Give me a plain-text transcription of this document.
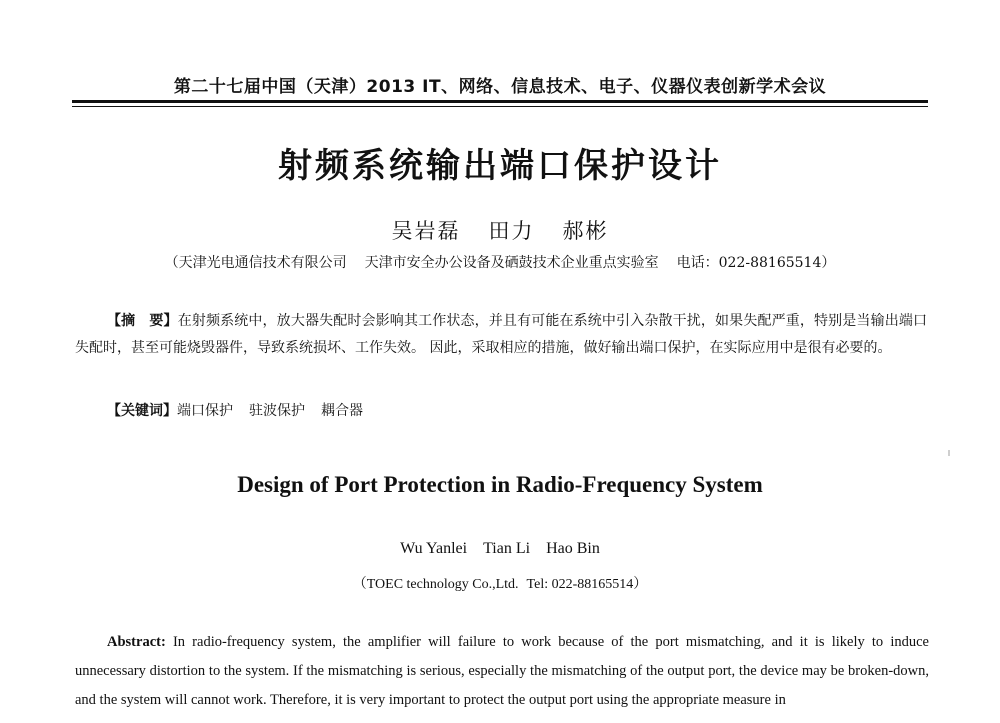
第二十七届中国（天津）2013 IT、网络、信息技术、电子、仪器仪表创新学术会议
射频系统输出端口保护设计
吴岩磊 田力 郝彬
（天津光电通信技术有限公司 天津市安全办公设备及硒鼓技术企业重点实验室 电话：022-88165514）

【摘　要】在射频系统中，放大器失配时会影响其工作状态，并且有可能在系统中引入杂散干扰，如果失配严重，特别是当输出端口失配时，甚至可能烧毁器件，导致系统损坏、工作失效。 因此，采取相应的措施，做好输出端口保护，在实际应用中是很有必要的。

【关键词】端口保护 驻波保护 耦合器

Design of Port Protection in Radio-Frequency System
Wu Yanlei Tian Li Hao Bin
（TOEC technology Co.,Ltd. Tel: 022-88165514）

Abstract: In radio-frequency system, the amplifier will failure to work because of the port mismatching, and it is likely to induce unnecessary distortion to the system. If the mismatching is serious, especially the mismatching of the output port, the device may be broken-down, and the system will cannot work. Therefore, it is very important to protect the output port using the appropriate measure in
